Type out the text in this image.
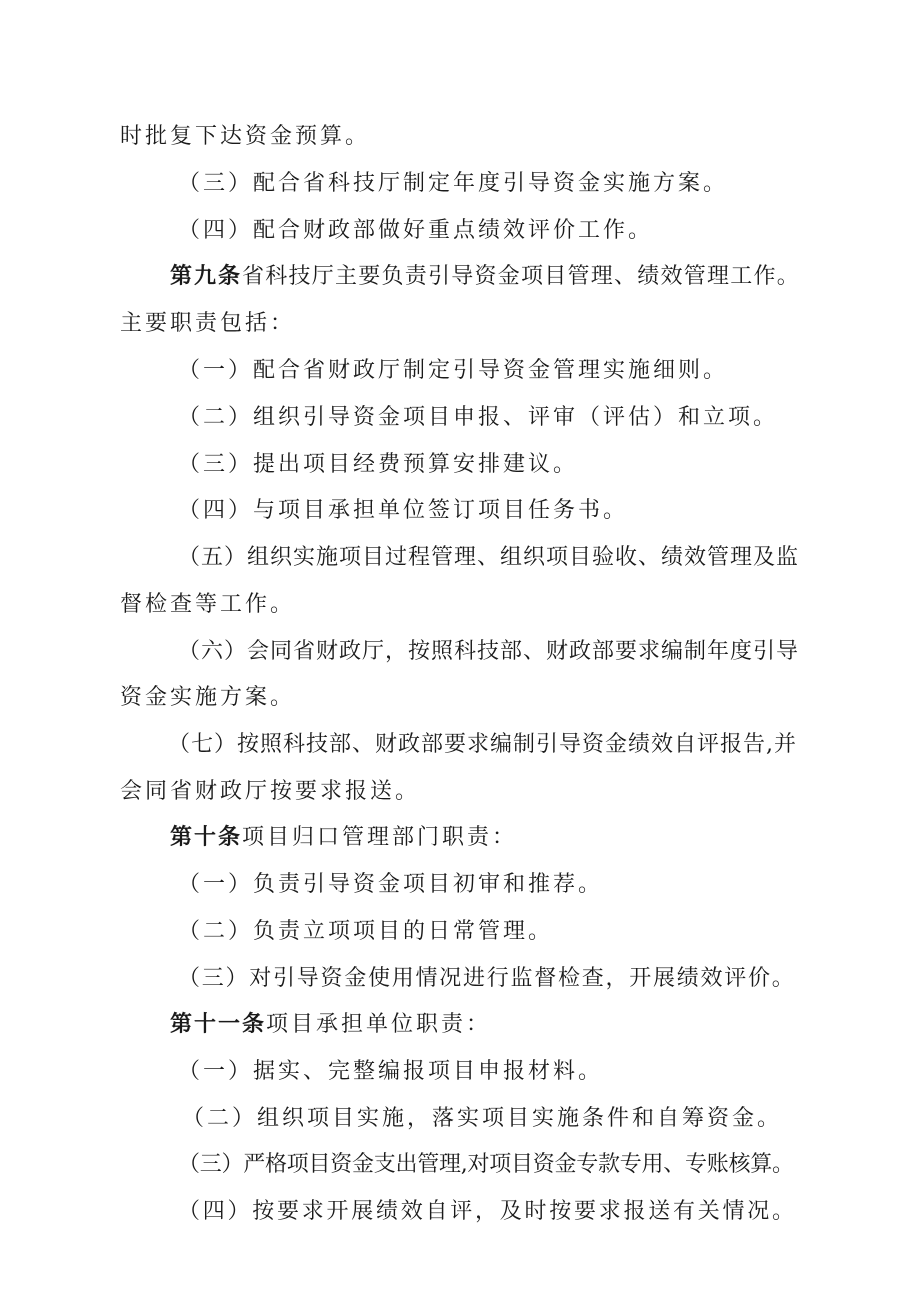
时批复下达资金预算。
（三）配合省科技厅制定年度引导资金实施方案。
（四）配合财政部做好重点绩效评价工作。
第九条省科技厅主要负责引导资金项目管理、绩效管理工作。
主要职责包括：
（一）配合省财政厅制定引导资金管理实施细则。
（二）组织引导资金项目申报、评审（评估）和立项。
（三）提出项目经费预算安排建议。
（四）与项目承担单位签订项目任务书。
（五）组织实施项目过程管理、组织项目验收、绩效管理及监
督检查等工作。
（六）会同省财政厅，按照科技部、财政部要求编制年度引导
资金实施方案。
（七）按照科技部、财政部要求编制引导资金绩效自评报告,并
会同省财政厅按要求报送。
第十条项目归口管理部门职责：
（一）负责引导资金项目初审和推荐。
（二）负责立项项目的日常管理。
（三）对引导资金使用情况进行监督检查，开展绩效评价。
第十一条项目承担单位职责：
（一）据实、完整编报项目申报材料。
（二）组织项目实施，落实项目实施条件和自筹资金。
（三）严格项目资金支出管理,对项目资金专款专用、专账核算。
（四）按要求开展绩效自评，及时按要求报送有关情况。
